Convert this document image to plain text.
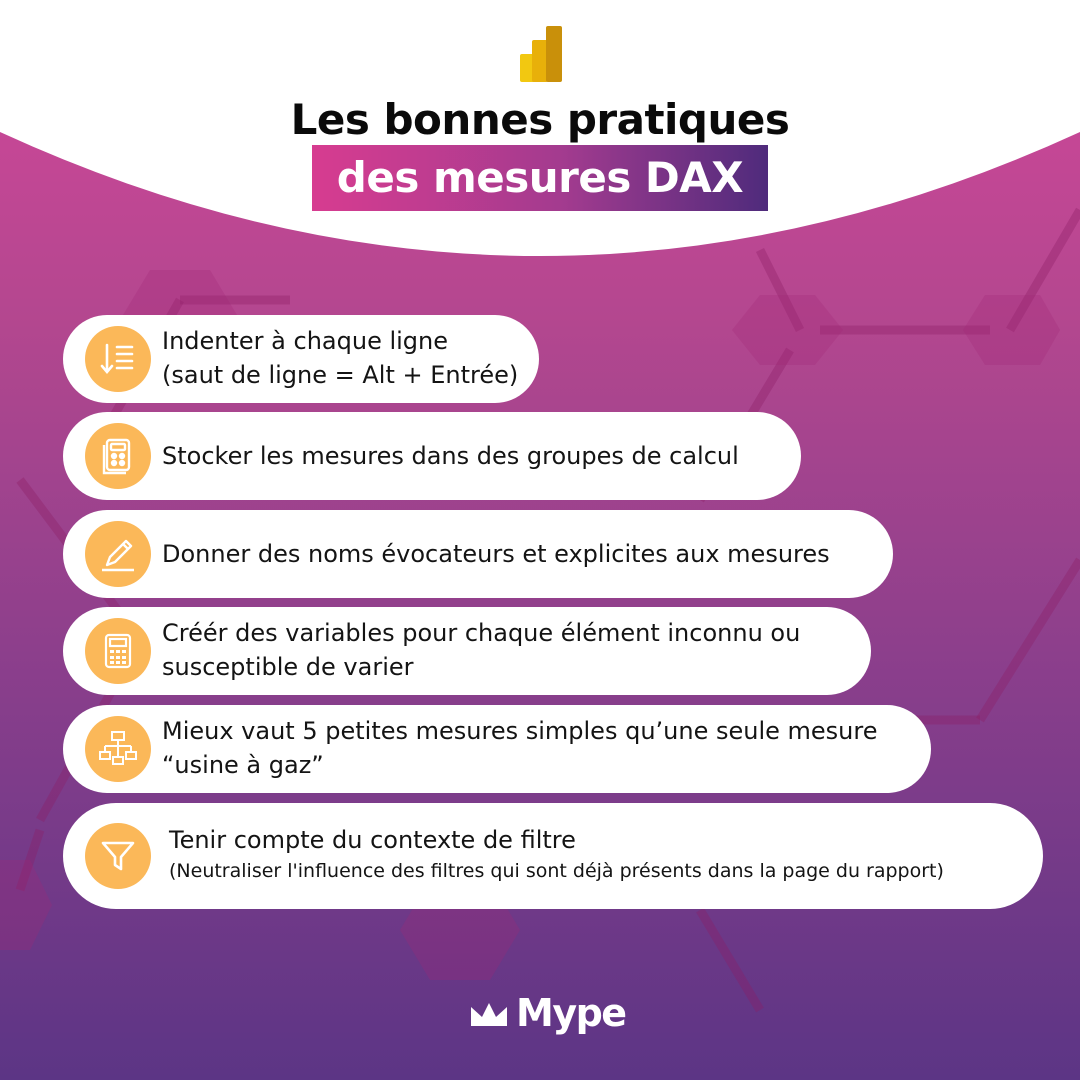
Les bonnes pratiques
des mesures DAX
Indenter à chaque ligne
(saut de ligne = Alt + Entrée)
Stocker les mesures dans des groupes de calcul
Donner des noms évocateurs et explicites aux mesures
Créér des variables pour chaque élément inconnu ou
susceptible de varier
Mieux vaut 5 petites mesures simples qu’une seule mesure
“usine à gaz”
Tenir compte du contexte de filtre
(Neutraliser l'influence des filtres qui sont déjà présents dans la page du rapport)
Mype
